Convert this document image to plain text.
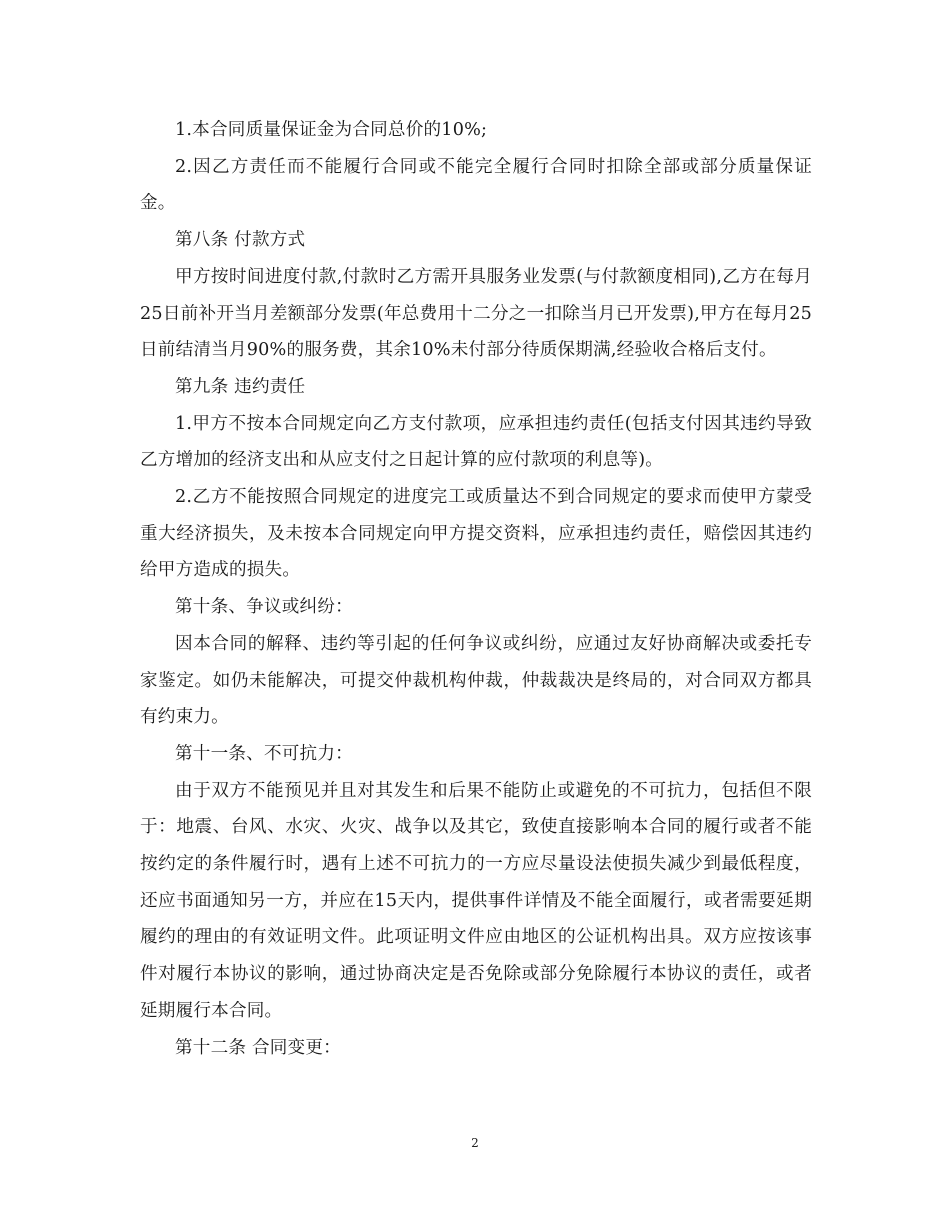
1.本合同质量保证金为合同总价的10%;

2.因乙方责任而不能履行合同或不能完全履行合同时扣除全部或部分质量保证金。

第八条 付款方式

甲方按时间进度付款,付款时乙方需开具服务业发票(与付款额度相同),乙方在每月25日前补开当月差额部分发票(年总费用十二分之一扣除当月已开发票),甲方在每月25日前结清当月90%的服务费，其余10%未付部分待质保期满,经验收合格后支付。

第九条 违约责任

1.甲方不按本合同规定向乙方支付款项，应承担违约责任(包括支付因其违约导致乙方增加的经济支出和从应支付之日起计算的应付款项的利息等)。

2.乙方不能按照合同规定的进度完工或质量达不到合同规定的要求而使甲方蒙受重大经济损失，及未按本合同规定向甲方提交资料，应承担违约责任，赔偿因其违约给甲方造成的损失。

第十条、争议或纠纷：

因本合同的解释、违约等引起的任何争议或纠纷，应通过友好协商解决或委托专家鉴定。如仍未能解决，可提交仲裁机构仲裁，仲裁裁决是终局的，对合同双方都具有约束力。

第十一条、不可抗力：

由于双方不能预见并且对其发生和后果不能防止或避免的不可抗力，包括但不限于：地震、台风、水灾、火灾、战争以及其它，致使直接影响本合同的履行或者不能按约定的条件履行时，遇有上述不可抗力的一方应尽量设法使损失减少到最低程度，还应书面通知另一方，并应在15天内，提供事件详情及不能全面履行，或者需要延期履约的理由的有效证明文件。此项证明文件应由地区的公证机构出具。双方应按该事件对履行本协议的影响，通过协商决定是否免除或部分免除履行本协议的责任，或者延期履行本合同。

第十二条 合同变更：

2
